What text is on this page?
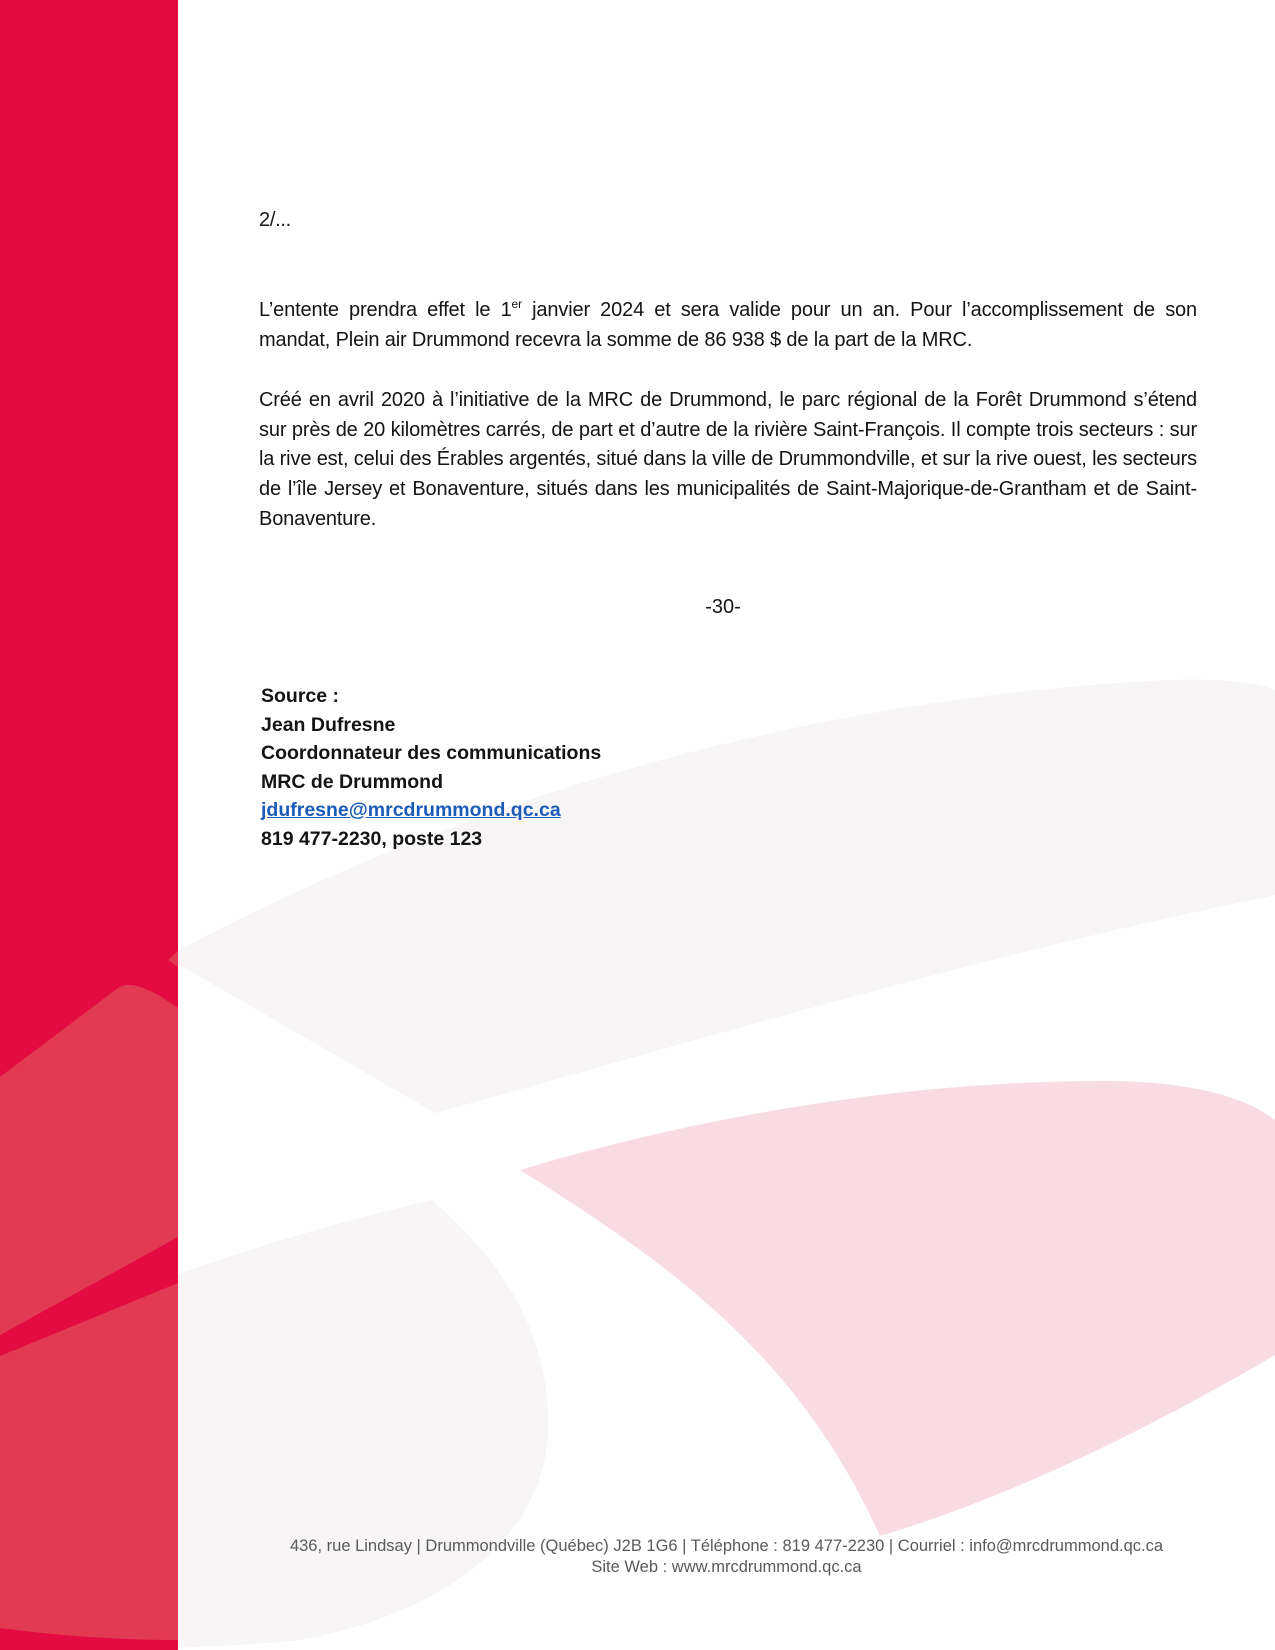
2/...

L’entente prendra effet le 1er janvier 2024 et sera valide pour un an. Pour l’accomplissement de son mandat, Plein air Drummond recevra la somme de 86 938 $ de la part de la MRC.

Créé en avril 2020 à l’initiative de la MRC de Drummond, le parc régional de la Forêt Drummond s’étend sur près de 20 kilomètres carrés, de part et d’autre de la rivière Saint-François. Il compte trois secteurs : sur la rive est, celui des Érables argentés, situé dans la ville de Drummondville, et sur la rive ouest, les secteurs de l’île Jersey et Bonaventure, situés dans les municipalités de Saint-Majorique-de-Grantham et de Saint-Bonaventure.

-30-
Source :
Jean Dufresne
Coordonnateur des communications
MRC de Drummond
jdufresne@mrcdrummond.qc.ca
819 477-2230, poste 123
436, rue Lindsay | Drummondville (Québec) J2B 1G6 | Téléphone : 819 477-2230 | Courriel : info@mrcdrummond.qc.ca
Site Web : www.mrcdrummond.qc.ca
